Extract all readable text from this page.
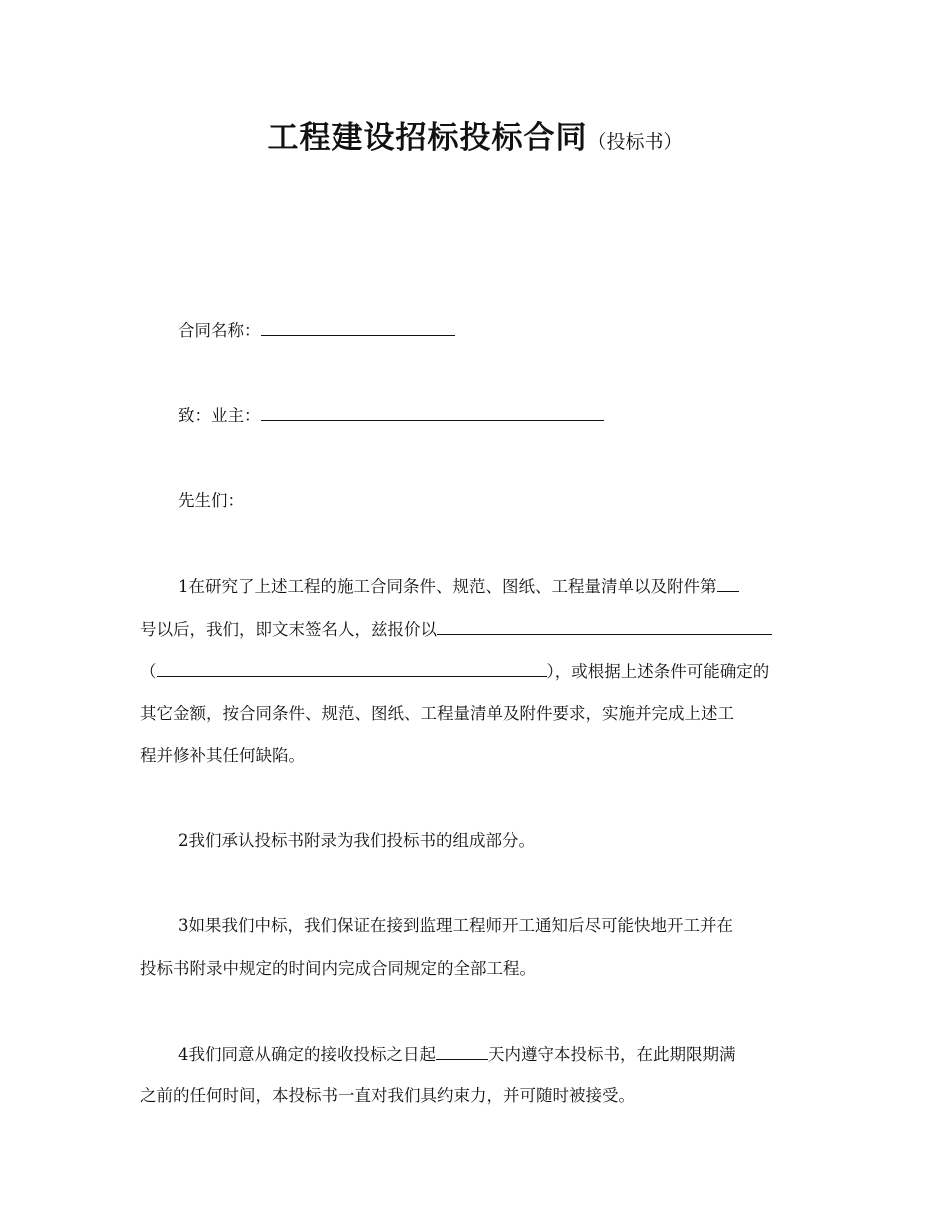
工程建设招标投标合同（投标书）
合同名称：
致：业主：
先生们：
1在研究了上述工程的施工合同条件、规范、图纸、工程量清单以及附件第
号以后，我们，即文末签名人，兹报价以
（	），或根据上述条件可能确定的
其它金额，按合同条件、规范、图纸、工程量清单及附件要求，实施并完成上述工
程并修补其任何缺陷。
2我们承认投标书附录为我们投标书的组成部分。
3如果我们中标，我们保证在接到监理工程师开工通知后尽可能快地开工并在
投标书附录中规定的时间内完成合同规定的全部工程。
4我们同意从确定的接收投标之日起	天内遵守本投标书，在此期限期满
之前的任何时间，本投标书一直对我们具约束力，并可随时被接受。
